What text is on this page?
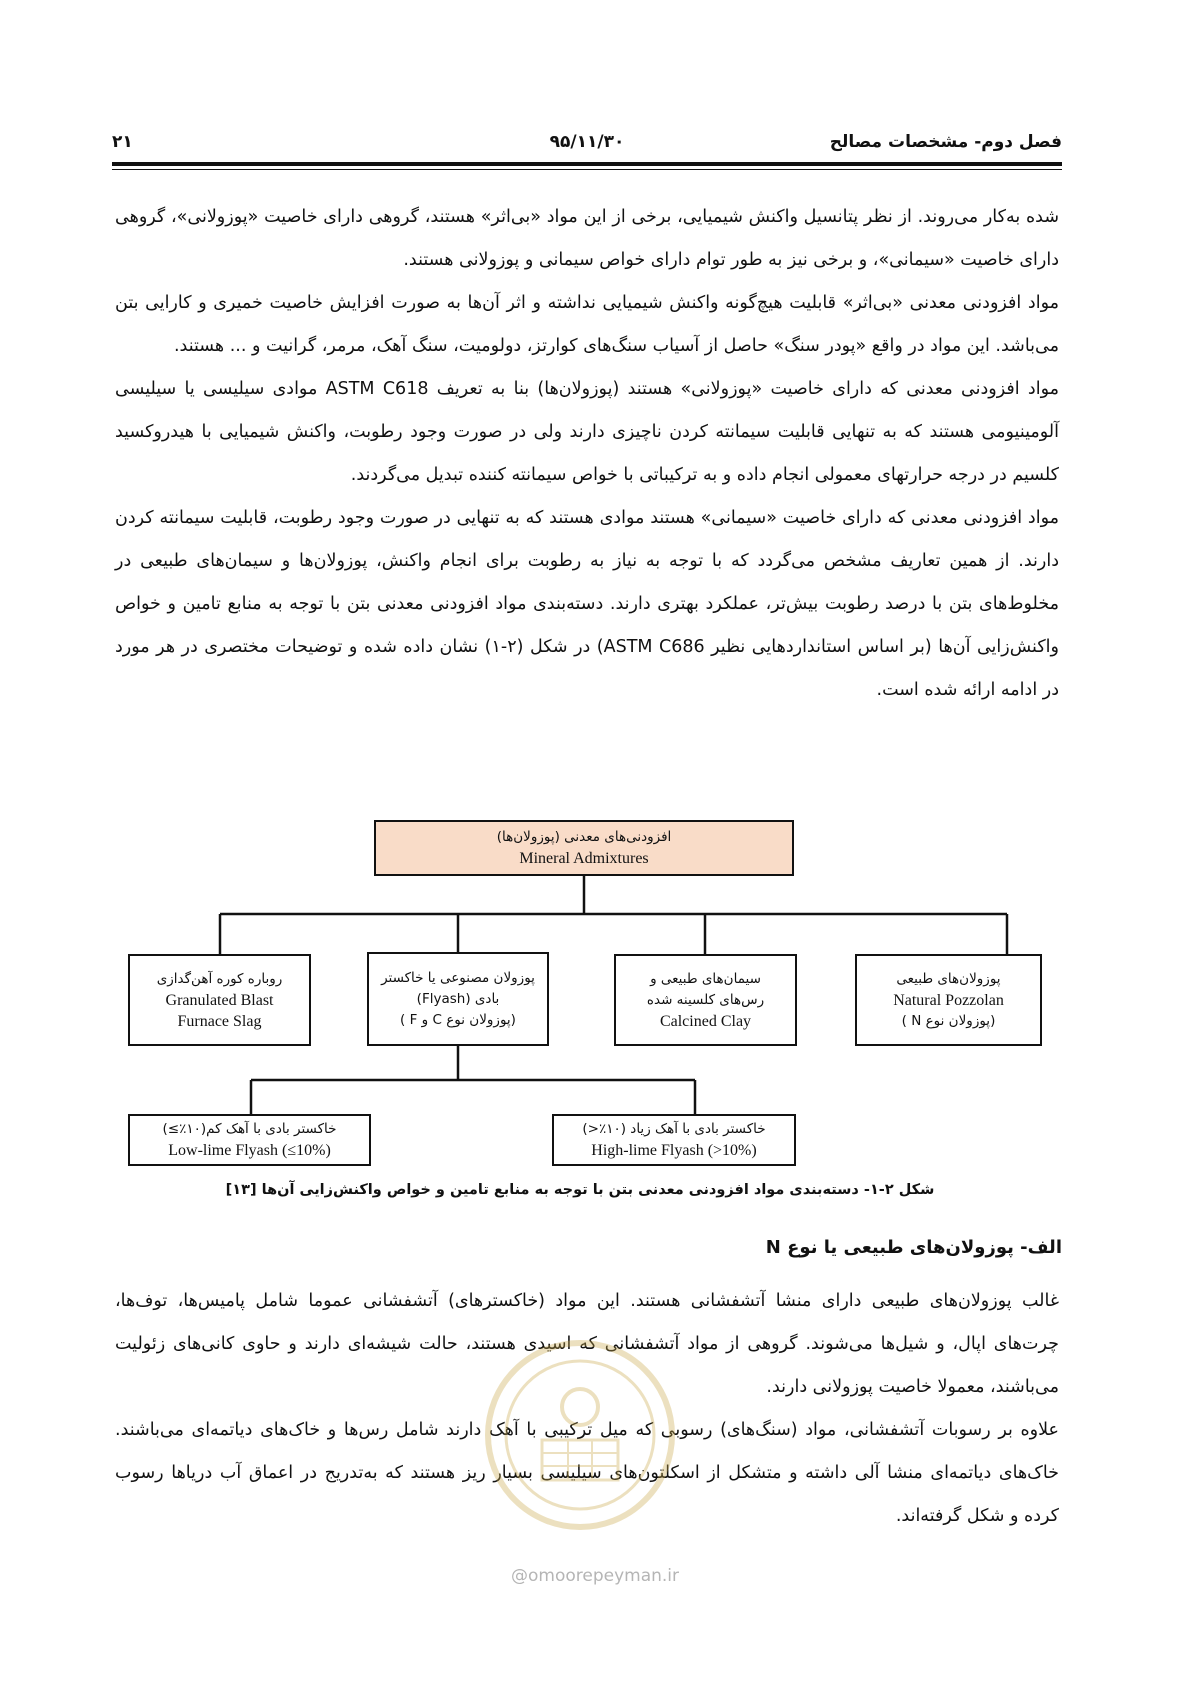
فصل دوم- مشخصات مصالح
۹۵/۱۱/۳۰
۲۱

شده به‌کار می‌روند. از نظر پتانسیل واکنش شیمیایی، برخی از این مواد «بی‌اثر» هستند، گروهی دارای خاصیت «پوزولانی»، گروهی دارای خاصیت «سیمانی»، و برخی نیز به طور توام دارای خواص سیمانی و پوزولانی هستند.

مواد افزودنی معدنی «بی‌اثر» قابلیت هیچ‌گونه واکنش شیمیایی نداشته و اثر آن‌ها به صورت افزایش خاصیت خمیری و کارایی بتن می‌باشد. این مواد در واقع «پودر سنگ» حاصل از آسیاب سنگ‌های کوارتز، دولومیت، سنگ آهک، مرمر، گرانیت و ... هستند.

مواد افزودنی معدنی که دارای خاصیت «پوزولانی» هستند (پوزولان‌ها) بنا به تعریف ASTM C618 موادی سیلیسی یا سیلیسی آلومینیومی هستند که به تنهایی قابلیت سیمانته کردن ناچیزی دارند ولی در صورت وجود رطوبت، واکنش شیمیایی با هیدروکسید کلسیم در درجه حرارتهای معمولی انجام داده و به ترکیباتی با خواص سیمانته کننده تبدیل می‌گردند.

مواد افزودنی معدنی که دارای خاصیت «سیمانی» هستند موادی هستند که به تنهایی در صورت وجود رطوبت، قابلیت سیمانته کردن دارند. از همین تعاریف مشخص می‌گردد که با توجه به نیاز به رطوبت برای انجام واکنش، پوزولان‌ها و سیمان‌های طبیعی در مخلوط‌های بتن با درصد رطوبت بیش‌تر، عملکرد بهتری دارند. دسته‌بندی مواد افزودنی معدنی بتن با توجه به منابع تامین و خواص واکنش‌زایی آن‌ها (بر اساس استانداردهایی نظیر ASTM C686) در شکل (۲-۱) نشان داده شده و توضیحات مختصری در هر مورد در ادامه ارائه شده است.

افزودنی‌های معدنی (پوزولان‌ها)
Mineral Admixtures
پوزولان‌های طبیعی
Natural Pozzolan
(پوزولان نوع N )
سیمان‌های طبیعی و
رس‌های کلسینه شده
Calcined Clay
پوزولان مصنوعی یا خاکستر
بادی (Flyash)
(پوزولان نوع C و F )
روباره کوره آهن‌گدازی
Granulated Blast
Furnace Slag
خاکستر بادی با آهک زیاد (۱۰٪<)
High-lime Flyash (>10%)
خاکستر بادی با آهک کم(۱۰٪≥)
Low-lime Flyash (≤10%)
شکل ۲-۱- دسته‌بندی مواد افزودنی معدنی بتن با توجه به منابع تامین و خواص واکنش‌زایی آن‌ها [۱۳]
الف- پوزولان‌های طبیعی یا نوع N

غالب پوزولان‌های طبیعی دارای منشا آتشفشانی هستند. این مواد (خاکسترهای) آتشفشانی عموما شامل پامیس‌ها، توف‌ها، چرت‌های اپال، و شیل‌ها می‌شوند. گروهی از مواد آتشفشانی که اسیدی هستند، حالت شیشه‌ای دارند و حاوی کانی‌های زئولیت می‌باشند، معمولا خاصیت پوزولانی دارند.

علاوه بر رسوبات آتشفشانی، مواد (سنگ‌های) رسوبی که میل ترکیبی با آهک دارند شامل رس‌ها و خاک‌های دیاتمه‌ای می‌باشند. خاک‌های دیاتمه‌ای منشا آلی داشته و متشکل از اسکلتون‌های سیلیسی بسیار ریز هستند که به‌تدریج در اعماق آب دریاها رسوب کرده و شکل گرفته‌اند.

@omoorepeyman.ir
